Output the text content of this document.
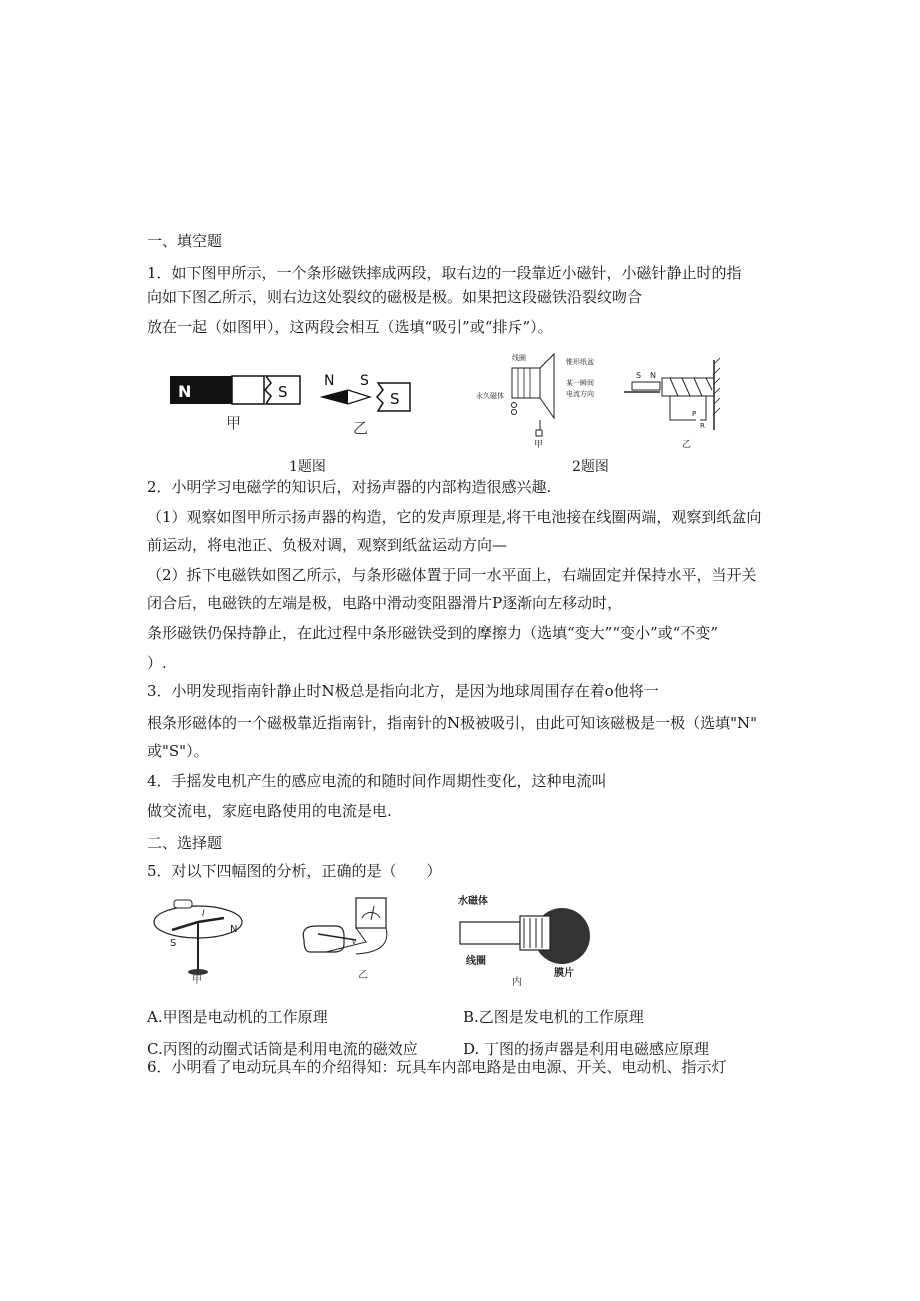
一、填空题
1．如下图甲所示，一个条形磁铁摔成两段，取右边的一段靠近小磁针，小磁针静止时的指
向如下图乙所示，则右边这处裂纹的磁极是极。如果把这段磁铁沿裂纹吻合
放在一起（如图甲），这两段会相互（选填“吸引”或“排斥”）。
N	S
N S
S
甲	乙
线圈	锥形纸盆
永久磁体
某一瞬间
电流方向
甲
S N
P
R
乙
1题图	2题图
2．小明学习电磁学的知识后，对扬声器的内部构造很感兴趣.
（1）观察如图甲所示扬声器的构造，它的发声原理是,将干电池接在线圈两端，观察到纸盆向
前运动，将电池正、负极对调，观察到纸盆运动方向—
（2）拆下电磁铁如图乙所示，与条形磁体置于同一水平面上，右端固定并保持水平，当开关
闭合后，电磁铁的左端是极，电路中滑动变阻器滑片P逐渐向左移动时，
条形磁铁仍保持静止，在此过程中条形磁铁受到的摩擦力（选填“变大”“变小”或“不变”
）.
3．小明发现指南针静止时N极总是指向北方，是因为地球周围存在着o他将一
根条形磁体的一个磁极靠近指南针，指南针的N极被吸引，由此可知该磁极是一极（选填"N"
或"S"）。
4．手摇发电机产生的感应电流的和随时间作周期性变化，这种电流叫
做交流电，家庭电路使用的电流是电.
二、选择题
5．对以下四幅图的分析，正确的是（　　）
S
N
I
甲
v
乙
水磁体
线圈
膜片
内
A.甲图是电动机的工作原理	B.乙图是发电机的工作原理
C.丙图的动圈式话筒是利用电流的磁效应	D. 丁图的扬声器是利用电磁感应原理
6．小明看了电动玩具车的介绍得知：玩具车内部电路是由电源、开关、电动机、指示灯
